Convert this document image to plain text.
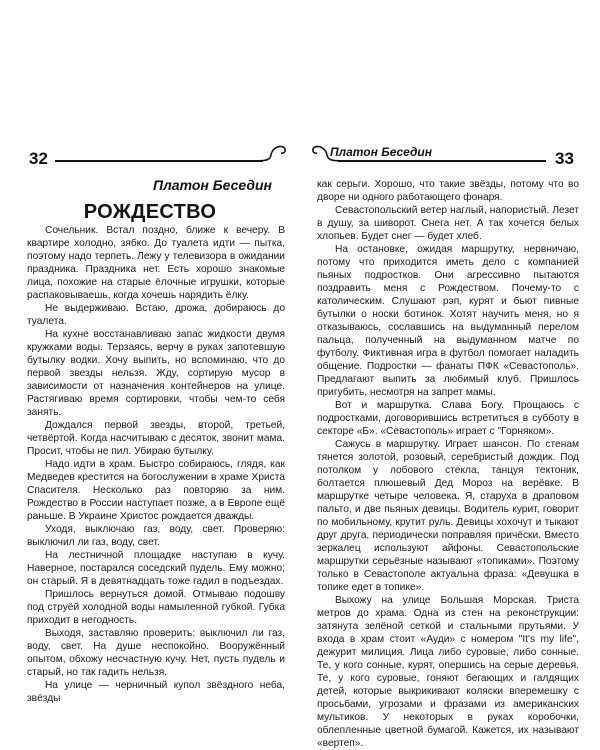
32
Платон Беседин
РОЖДЕСТВО

Сочельник. Встал поздно, ближе к вечеру. В квартире холодно, зябко. До туалета идти — пытка, поэтому надо терпеть. Лежу у телевизора в ожидании праздника. Праздника нет. Есть хорошо знакомые лица, похожие на старые ёлочные игрушки, которые распаковываешь, когда хочешь нарядить ёлку.

Не выдерживаю. Встаю, дрожа, добираюсь до туалета.

На кухне восстанавливаю запас жидкости двумя кружками воды. Терзаясь, верчу в руках запотевшую бутылку водки. Хочу выпить, но вспоминаю, что до первой звезды нельзя. Жду, сортирую мусор в зависимости от назначения контейнеров на улице. Растягиваю время сортировки, чтобы чем-то себя занять.

Дождался первой звезды, второй, третьей, четвёртой. Когда насчитываю с десяток, звонит мама. Просит, чтобы не пил. Убираю бутылку.

Надо идти в храм. Быстро собираюсь, глядя, как Медведев крестится на богослужении в храме Христа Спасителя. Несколько раз повторяю за ним. Рождество в России наступает позже, а в Европе ещё раньше. В Украине Христос рождается дважды.

Уходя, выключаю газ, воду, свет. Проверяю: выключил ли газ, воду, свет.

На лестничной площадке наступаю в кучу. Наверное, постарался соседский пудель. Ему можно; он старый. Я в девятнадцать тоже гадил в подъездах.

Пришлось вернуться домой. Отмываю подошву под струёй холодной воды намыленной губкой. Губка приходит в негодность.

Выходя, заставляю проверить: выключил ли газ, воду, свет. На душе неспокойно. Вооружённый опытом, обхожу несчастную кучу. Нет, пусть пудель и старый, но так гадить нельзя.

На улице — черничный купол звёздного неба, звёзды

33
Платон Беседин

как серьги. Хорошо, что такие звёзды, потому что во дворе ни одного работающего фонаря.

Севастопольский ветер наглый, напористый. Лезет в душу, за шиворот. Снега нет. А так хочется белых хлопьев. Будет снег — будет хлеб.

На остановке, ожидая маршрутку, нервничаю, потому что приходится иметь дело с компанией пьяных подростков. Они агрессивно пытаются поздравить меня с Рождеством. Почему-то с католическим. Слушают рэп, курят и бьют пивные бутылки о носки ботинок. Хотят научить меня, но я отказываюсь, сославшись на выдуманный перелом пальца, полученный на выдуманном матче по футболу. Фиктивная игра в футбол помогает наладить общение. Подростки — фанаты ПФК «Севастополь». Предлагают выпить за любимый клуб. Пришлось пригубить, несмотря на запрет мамы.

Вот и маршрутка. Слава Богу. Прощаюсь с подростками, договорившись встретиться в субботу в секторе «Б». «Севастополь» играет с "Горняком».

Сажусь в маршрутку. Играет шансон. По стенам тянется золотой, розовый, серебристый дождик. Под потолком у лобового стекла, танцуя тектоник, болтается плюшевый Дед Мороз на верёвке. В маршрутке четыре человека. Я, старуха в драповом пальто, и две пьяных девицы. Водитель курит, говорит по мобильному, крутит руль. Девицы хохочут и тыкают друг друга, периодически поправляя причёски. Вместо зеркалец используют айфоны. Севастопольские маршрутки серьёзные называют «топиками». Поэтому только в Севастополе актуальна фраза: «Девушка в топике едет в топике».

Выхожу на улице Большая Морская. Триста метров до храма. Одна из стен на реконструкции: затянута зелёной сеткой и стальными прутьями. У входа в храм стоит «Ауди» с номером "It's my life", дежурит милиция. Лица либо суровые, либо сонные. Те, у кого сонные, курят, опершись на серые деревья. Те, у кого суровые, гоняют бегающих и галдящих детей, которые выкрикивают коляски вперемешку с просьбами, угрозами и фразами из американских мультиков. У некоторых в руках коробочки, облепленные цветной бумагой. Кажется, их называют «вертеп».
